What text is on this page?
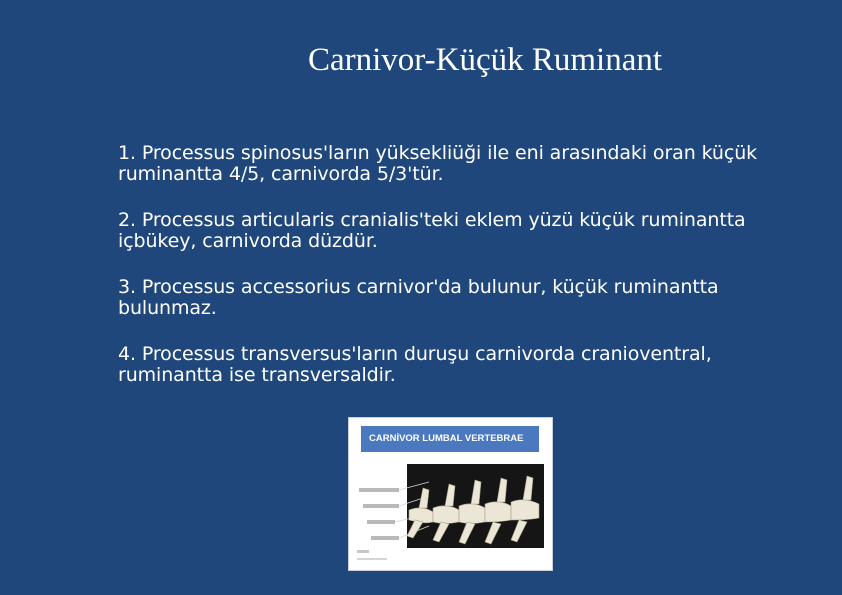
Carnivor-Küçük Ruminant
1. Processus spinosus'ların yüksekliüği ile eni arasındaki oran küçük ruminantta 4/5, carnivorda 5/3'tür.
2. Processus articularis cranialis'teki eklem yüzü küçük ruminantta içbükey, carnivorda düzdür.
3. Processus accessorius carnivor'da bulunur, küçük ruminantta bulunmaz.
4. Processus transversus'ların duruşu carnivorda cranioventral, ruminantta ise transversaldir.
CARNİVOR LUMBAL VERTEBRAE
